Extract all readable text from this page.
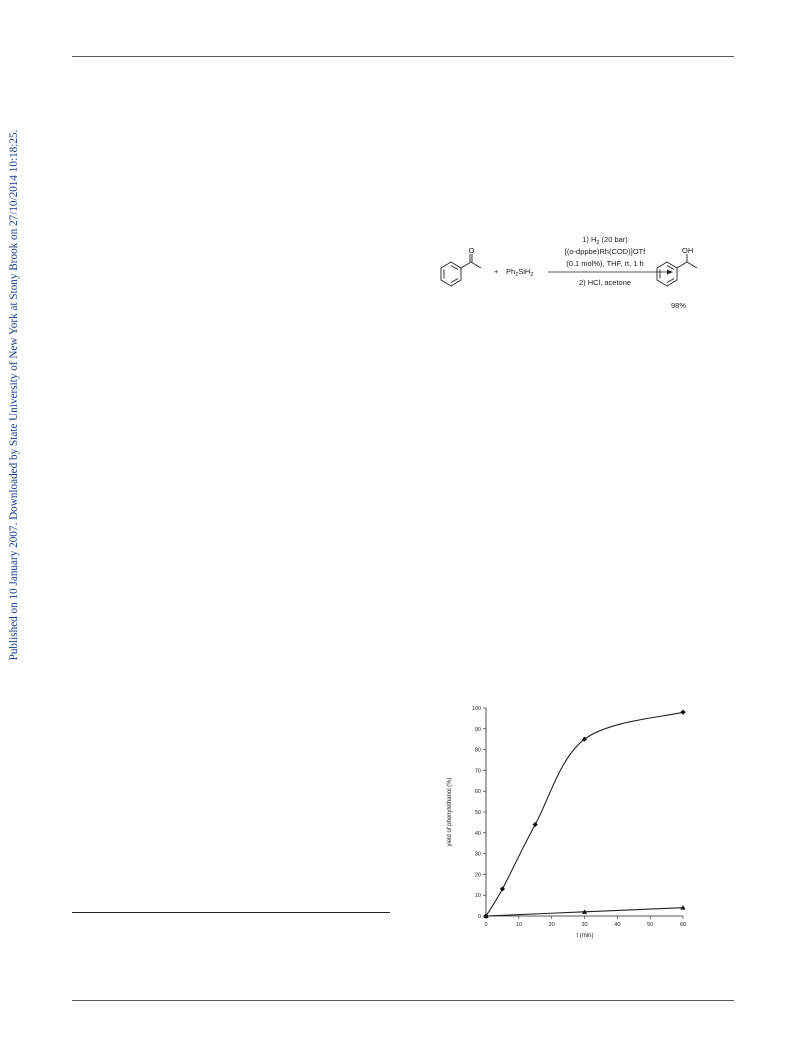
Published on 10 January 2007. Downloaded by State University of New York at Stony Brook on 27/10/2014 10:18:25.	O
+ $Ph_2SiH_2$
1) $H_2$ (20 bar)
[(o-dppbe)Rh(COD)]OTf
(0.1 mol%), THF, rt, 1 h
2) HCl, acetone
OH
98%
yield of phenylethanol (%)
t (min)
0
10
20
30
40
50
60
70
80
90
100
0	10	20	30	40	50	60
